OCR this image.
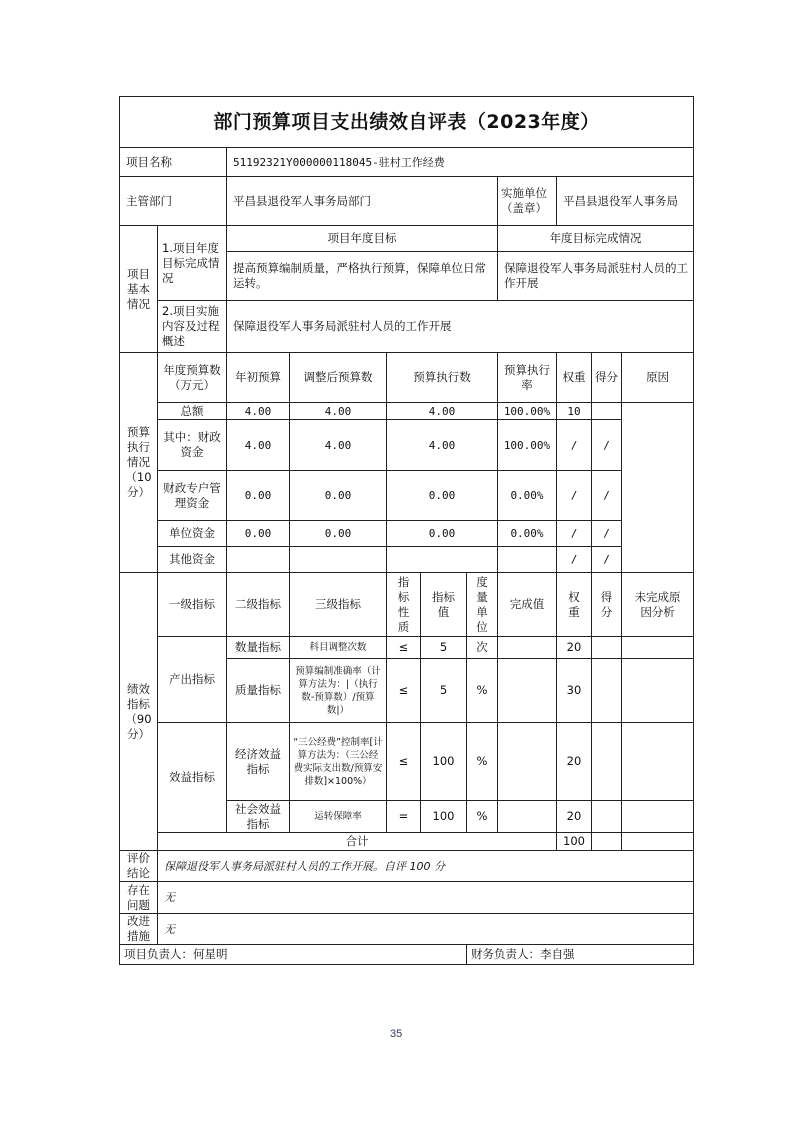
部门预算项目支出绩效自评表（2023年度）										
项目名称		51192321Y000000118045-驻村工作经费								
主管部门		平昌县退役军人事务局部门					实施单位（盖章）	平昌县退役军人事务局		
项目基本情况	1.项目年度目标完成情况	项目年度目标					年度目标完成情况			
		提高预算编制质量，严格执行预算，保障单位日常运转。					保障退役军人事务局派驻村人员的工作开展			
	2.项目实施内容及过程概述	保障退役军人事务局派驻村人员的工作开展								
预算执行情况（10分）	年度预算数（万元）	年初预算	调整后预算数	预算执行数			预算执行率	权重	得分	原因
	总额	4.00	4.00	4.00			100.00%	10		
	其中：财政资金	4.00	4.00	4.00			100.00%	/	/	
	财政专户管理资金	0.00	0.00	0.00			0.00%	/	/	
	单位资金	0.00	0.00	0.00			0.00%	/	/	
	其他资金							/	/	
绩效指标（90分）	一级指标	二级指标	三级指标	指标性质	指标值	度量单位	完成值	权重	得分	未完成原因分析
	产出指标	数量指标	科目调整次数	≤	5	次		20		
		质量指标	预算编制准确率（计算方法为：|（执行数-预算数）/预算数|）	≤	5	%		30		
	效益指标	经济效益指标	“三公经费”控制率[计算方法为：（三公经费实际支出数/预算安排数]×100%）	≤	100	%		20		
		社会效益指标	运转保障率	=	100	%		20		
	合计							100		
评价结论	保障退役军人事务局派驻村人员的工作开展。自评 100 分									
存在问题	无									
改进措施	无									
项目负责人：何星明						财务负责人：李自强				
35
